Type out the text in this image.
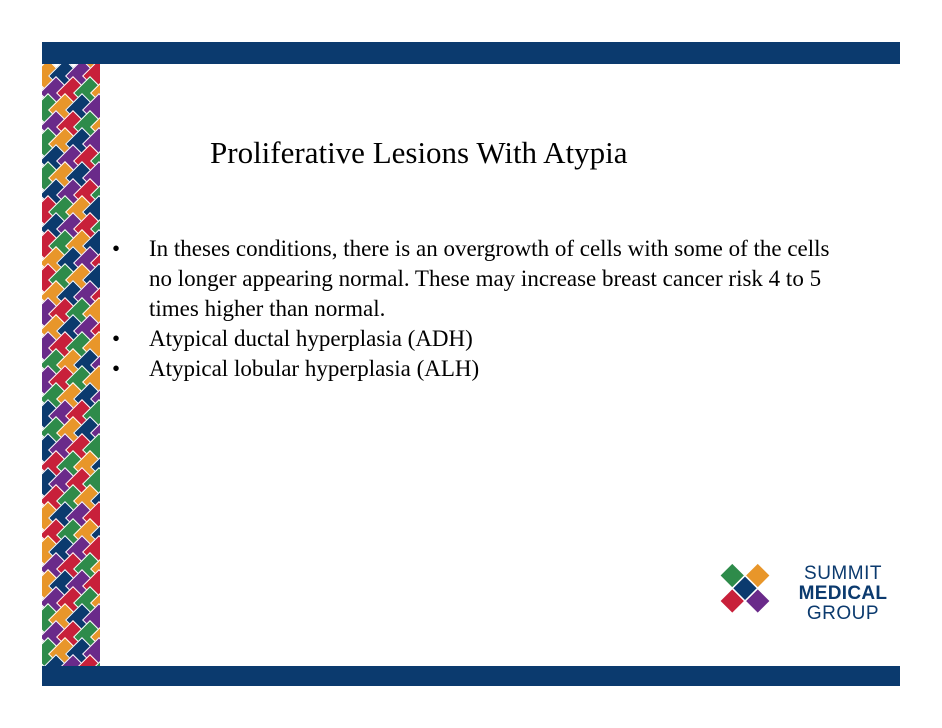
Proliferative Lesions With Atypia
• In theses conditions, there is an overgrowth of cells with some of the cells no longer appearing normal. These may increase breast cancer risk 4 to 5 times higher than normal.
• Atypical ductal hyperplasia (ADH)
• Atypical lobular hyperplasia (ALH)
SUMMIT
MEDICAL
GROUP
